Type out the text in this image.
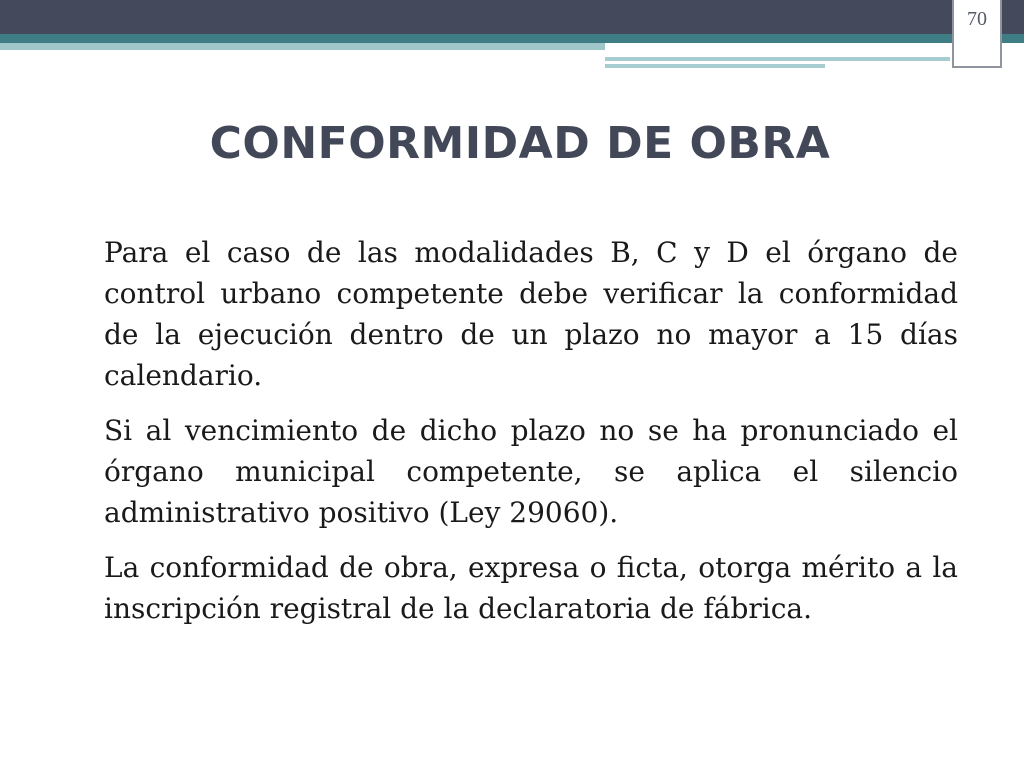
70
CONFORMIDAD DE OBRA

Para el caso de las modalidades B, C y D el órgano de control urbano competente debe verificar la conformidad de la ejecución dentro de un plazo no mayor a 15 días calendario.

Si al vencimiento de dicho plazo no se ha pronunciado el órgano municipal competente, se aplica el silencio administrativo positivo (Ley 29060).

La conformidad de obra, expresa o ficta, otorga mérito a la inscripción registral de la declaratoria de fábrica.
